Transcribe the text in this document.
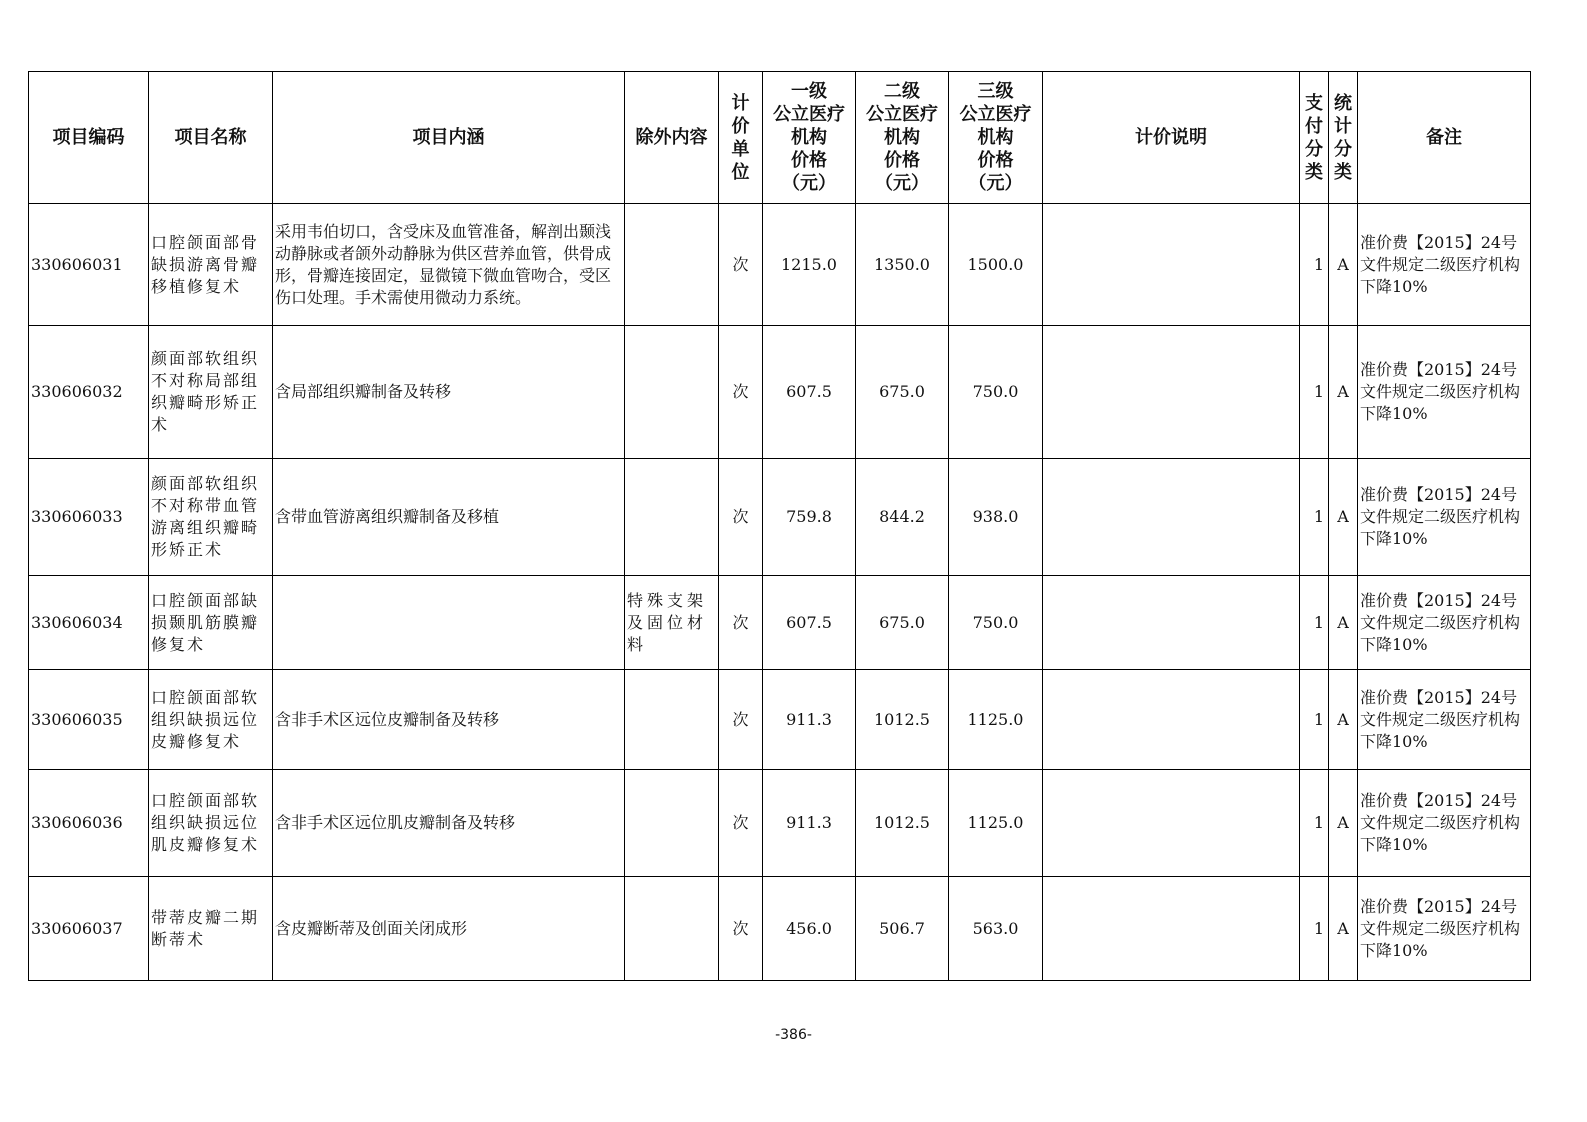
项目编码	项目名称	项目内涵	除外内容	计
价
单
位	一级
公立医疗
机构
价格
（元）	二级
公立医疗
机构
价格
（元）	三级
公立医疗
机构
价格
（元）	计价说明	支
付
分
类	统
计
分
类	备注
330606031	口腔颌面部骨缺损游离骨瓣移植修复术	采用韦伯切口，含受床及血管准备，解剖出颞浅动静脉或者颌外动静脉为供区营养血管，供骨成形，骨瓣连接固定，显微镜下微血管吻合，受区伤口处理。手术需使用微动力系统。		次	1215.0	1350.0	1500.0		1	A	准价费【2015】24号文件规定二级医疗机构下降10%
330606032	颜面部软组织不对称局部组织瓣畸形矫正术	含局部组织瓣制备及转移		次	607.5	675.0	750.0		1	A	准价费【2015】24号文件规定二级医疗机构下降10%
330606033	颜面部软组织不对称带血管游离组织瓣畸形矫正术	含带血管游离组织瓣制备及移植		次	759.8	844.2	938.0		1	A	准价费【2015】24号文件规定二级医疗机构下降10%
330606034	口腔颌面部缺损颞肌筋膜瓣修复术		特殊支架及固位材料	次	607.5	675.0	750.0		1	A	准价费【2015】24号文件规定二级医疗机构下降10%
330606035	口腔颌面部软组织缺损远位皮瓣修复术	含非手术区远位皮瓣制备及转移		次	911.3	1012.5	1125.0		1	A	准价费【2015】24号文件规定二级医疗机构下降10%
330606036	口腔颌面部软组织缺损远位肌皮瓣修复术	含非手术区远位肌皮瓣制备及转移		次	911.3	1012.5	1125.0		1	A	准价费【2015】24号文件规定二级医疗机构下降10%
330606037	带蒂皮瓣二期断蒂术	含皮瓣断蒂及创面关闭成形		次	456.0	506.7	563.0		1	A	准价费【2015】24号文件规定二级医疗机构下降10%
-386-
